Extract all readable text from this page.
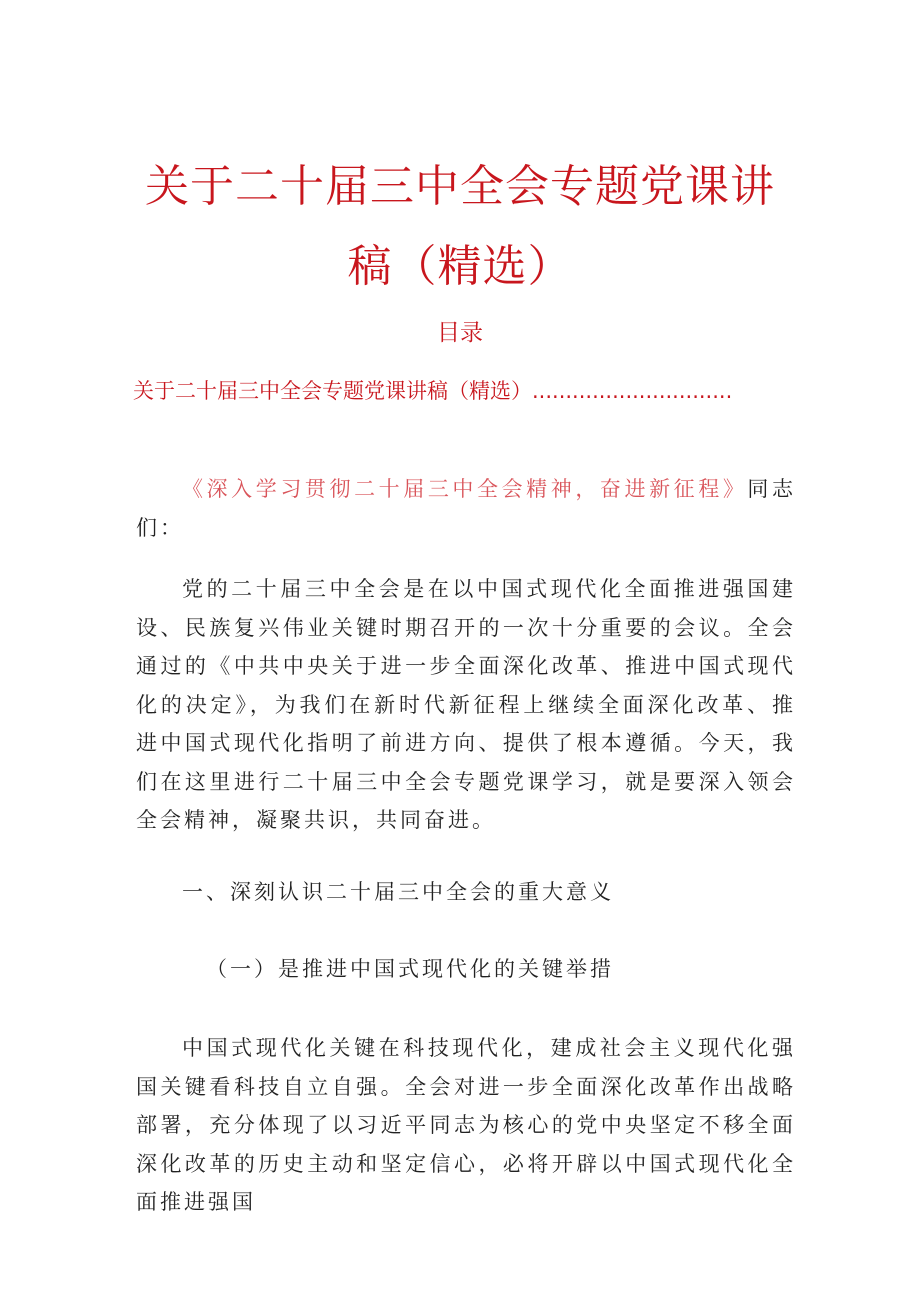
关于二十届三中全会专题党课讲
稿（精选）
目录
关于二十届三中全会专题党课讲稿（精选）..............................
《深入学习贯彻二十届三中全会精神，奋进新征程》同志们：
党的二十届三中全会是在以中国式现代化全面推进强国建设、民族复兴伟业关键时期召开的一次十分重要的会议。全会通过的《中共中央关于进一步全面深化改革、推进中国式现代化的决定》，为我们在新时代新征程上继续全面深化改革、推进中国式现代化指明了前进方向、提供了根本遵循。今天，我们在这里进行二十届三中全会专题党课学习，就是要深入领会全会精神，凝聚共识，共同奋进。
一、深刻认识二十届三中全会的重大意义
（一）是推进中国式现代化的关键举措
中国式现代化关键在科技现代化，建成社会主义现代化强国关键看科技自立自强。全会对进一步全面深化改革作出战略部署，充分体现了以习近平同志为核心的党中央坚定不移全面深化改革的历史主动和坚定信心，必将开辟以中国式现代化全面推进强国
